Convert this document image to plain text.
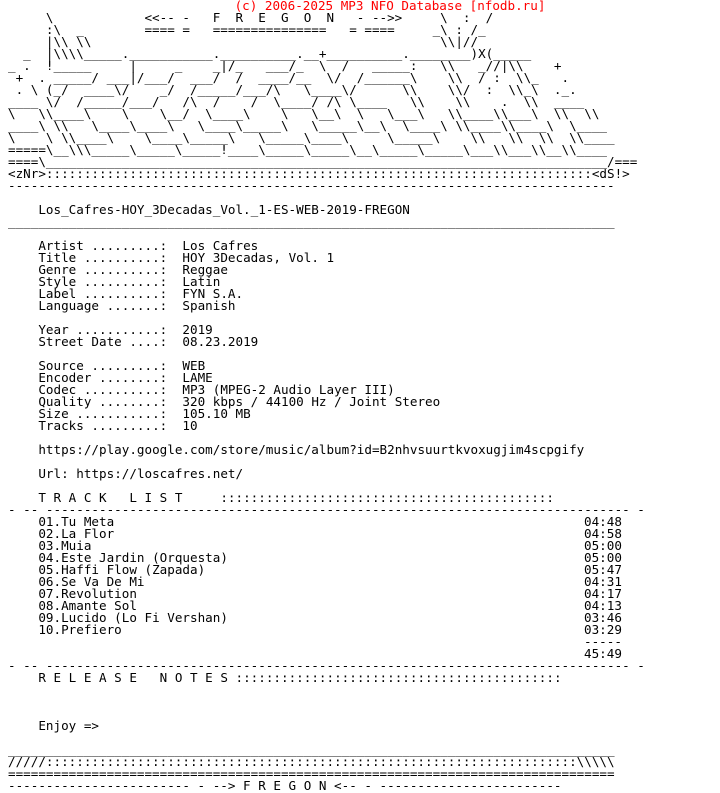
(c) 2006-2025 MP3 NFO Database [nfodb.ru]
\            <<-- -   F  R  E  G  O  N   - -->>     \  :  /
:\  _        ==== =   ===============   = ====     _\ : /_
|\\ \\                                              \\|//
_  |\\\\_____.___________.__________.__+__________.________)X(_____
_ .  !_____     |     _    _|/_   ___/_  \  /   _____:   \\   _//|\\    +
+  . _____/ ___|/___/  ___/  /  ____/__  \/  /______\    \\  / :  \\_   .
. \ (_/  ____\/    _/  /_____/___/\   \____\/      \\    \\/  :  \\_\  ._.
____ \/  /_____/___/   /\  /    /  \____/ /\ \____   \\    \\    .  \\  ____
\   \\____\    \    \__/  \____\    \   \__\  \   \___\   \\____\\___\  \\  \\
____\ \\   \____\____\   \____\_____\   \_____\__\  \____\ \\____\\____\  \____
\    \ \\____\    \____\_____\   \_____\____\     \_____\    \\   \\  \\  \\____
=====\__\\\_____\_____\_____!____\_____\_____\__\_____\_____\___\\___\\__\\____
====\__________________________________________________________________________/===
<zNr>::::::::::::::::::::::::::::::::::::::::::::::::::::::::::::::::::::::::<dS!>
--------------------------------------------------------------------------------
Los_Cafres-HOY_3Decadas_Vol._1-ES-WEB-2019-FREGON
________________________________________________________________________________
Artist .........: Los Cafres
Title ..........: HOY 3Decadas, Vol. 1
Genre ..........: Reggae
Style ..........: Latin
Label ..........: FYN S.A.
Language .......: Spanish
Year ...........: 2019
Street Date ....: 08.23.2019
Source .........: WEB
Encoder ........: LAME
Codec ..........: MP3 (MPEG-2 Audio Layer III)
Quality ........: 320 kbps / 44100 Hz / Joint Stereo
Size ...........: 105.10 MB
Tracks .........: 10
https://play.google.com/store/music/album?id=B2nhvsuurtkvoxugjim4scpgify
Url: https://loscafres.net/
T R A C K   L I S T	::::::::::::::::::::::::::::::::::::::::::::
- -- ----------------------------------------------------------------------------- -
01.Tu Meta	04:48
02.La Flor	04:58
03.Muia	05:00
04.Este Jardin (Orquesta)	05:00
05.Haffi Flow (Zapada)	05:47
06.Se Va De Mi	04:31
07.Revolution	04:17
08.Amante Sol	04:13
09.Lucido (Lo Fi Vershan)	03:46
10.Prefiero	03:29
-----
45:49
- -- ----------------------------------------------------------------------------- -
R E L E A S E   N O T E S :::::::::::::::::::::::::::::::::::::::::::
Enjoy =>
________________________________________________________________________________
/////::::::::::::::::::::::::::::::::::::::::::::::::::::::::::::::::::::::\\\\\
================================================================================
------------------------ - --> F R E G O N <-- - ------------------------
